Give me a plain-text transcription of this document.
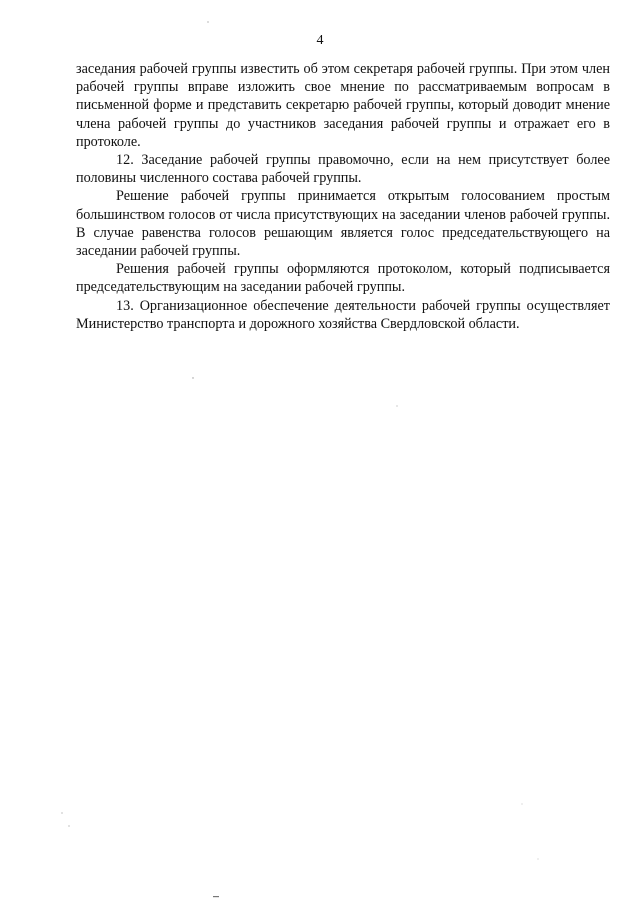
4

заседания рабочей группы известить об этом секретаря рабочей группы. При этом член рабочей группы вправе изложить свое мнение по рассматриваемым вопросам в письменной форме и представить секретарю рабочей группы, который доводит мнение члена рабочей группы до участников заседания рабочей группы и отражает его в протоколе.

12. Заседание рабочей группы правомочно, если на нем присутствует более половины численного состава рабочей группы.

Решение рабочей группы принимается открытым голосованием простым большинством голосов от числа присутствующих на заседании членов рабочей группы. В случае равенства голосов решающим является голос председательствующего на заседании рабочей группы.

Решения рабочей группы оформляются протоколом, который подписывается председательствующим на заседании рабочей группы.

13. Организационное обеспечение деятельности рабочей группы осуществляет Министерство транспорта и дорожного хозяйства Свердловской области.
